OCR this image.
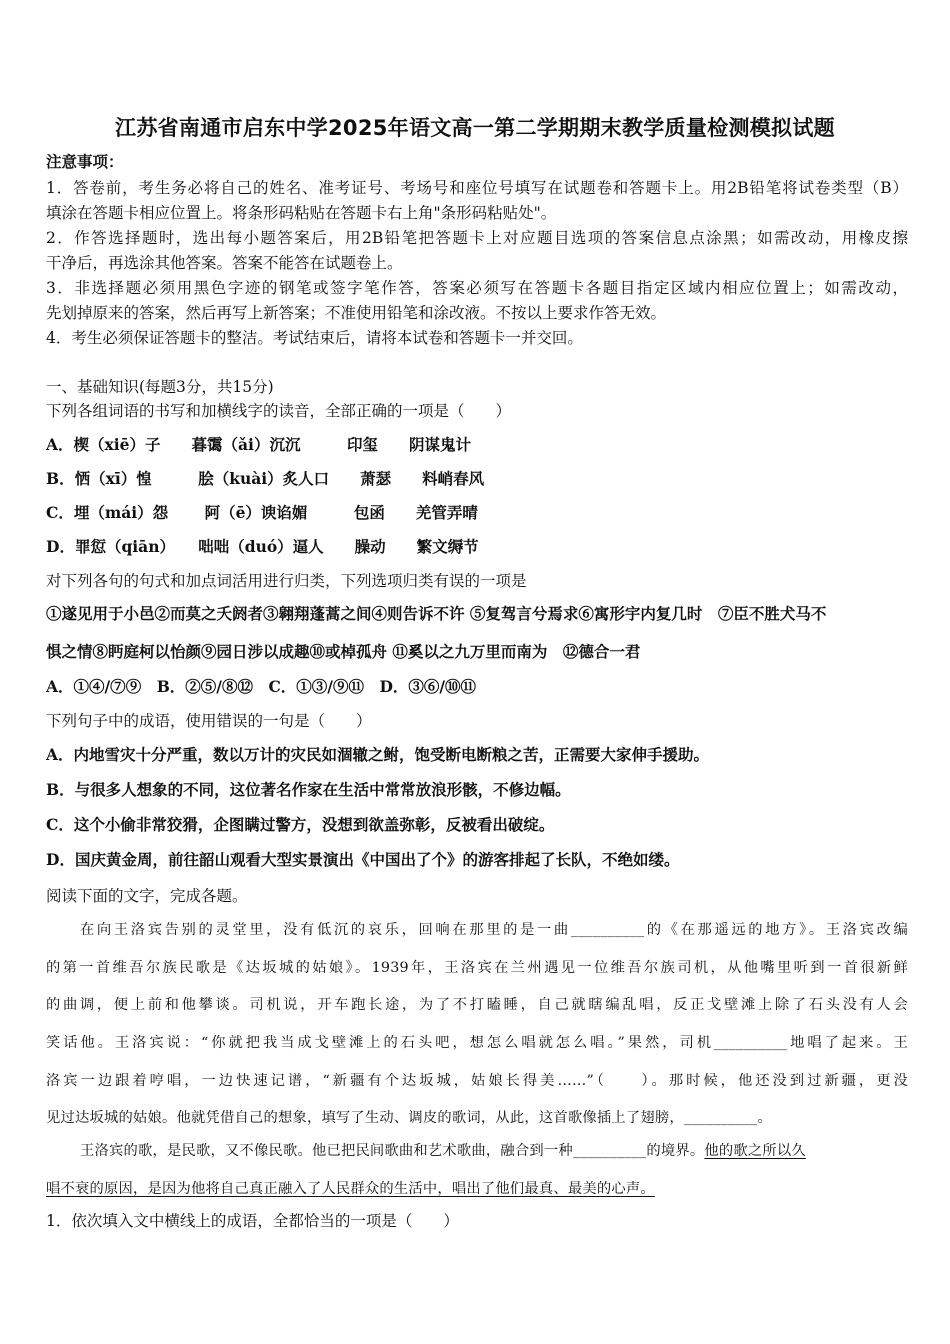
江苏省南通市启东中学2025年语文高一第二学期期末教学质量检测模拟试题
注意事项：
1．答卷前，考生务必将自己的姓名、准考证号、考场号和座位号填写在试题卷和答题卡上。用2B铅笔将试卷类型（B）
填涂在答题卡相应位置上。将条形码粘贴在答题卡右上角"条形码粘贴处"。
2．作答选择题时，选出每小题答案后，用2B铅笔把答题卡上对应题目选项的答案信息点涂黑；如需改动，用橡皮擦
干净后，再选涂其他答案。答案不能答在试题卷上。
3．非选择题必须用黑色字迹的钢笔或签字笔作答，答案必须写在答题卡各题目指定区域内相应位置上；如需改动，
先划掉原来的答案，然后再写上新答案；不准使用铅笔和涂改液。不按以上要求作答无效。
4．考生必须保证答题卡的整洁。考试结束后，请将本试卷和答题卡一并交回。
一、基础知识(每题3分，共15分)
下列各组词语的书写和加横线字的读音，全部正确的一项是（　　）
A．楔（xiē）子　　暮霭（ǎi）沉沉　　　印玺　　阴谋鬼计
B．恓（xī）惶　　　脍（kuài）炙人口　　萧瑟　　料峭春风
C．埋（mái）怨　　 阿（ē）谀谄媚　　　包函　　羌管弄晴
D．罪愆（qiān）　　咄咄（duó）逼人　　臊动　　繁文缛节
对下列各句的句式和加点词活用进行归类，下列选项归类有误的一项是
①遂见用于小邑②而莫之夭阏者③翱翔蓬蒿之间④则告诉不许 ⑤复驾言兮焉求⑥寓形宇内复几时　⑦臣不胜犬马不
惧之情⑧眄庭柯以怡颜⑨园日涉以成趣⑩或棹孤舟 ⑪奚以之九万里而南为　⑫德合一君
A．①④/⑦⑨　B．②⑤/⑧⑫　C．①③/⑨⑪　D．③⑥/⑩⑪
下列句子中的成语，使用错误的一句是（　　）
A．内地雪灾十分严重，数以万计的灾民如涸辙之鲋，饱受断电断粮之苦，正需要大家伸手援助。
B．与很多人想象的不同，这位著名作家在生活中常常放浪形骸，不修边幅。
C．这个小偷非常狡猾，企图瞒过警方，没想到欲盖弥彰，反被看出破绽。
D．国庆黄金周，前往韶山观看大型实景演出《中国出了个》的游客排起了长队，不绝如缕。
阅读下面的文字，完成各题。
在向王洛宾告别的灵堂里，没有低沉的哀乐，回响在那里的是一曲__________的《在那遥远的地方》。王洛宾改编
的第一首维吾尔族民歌是《达坂城的姑娘》。1939年，王洛宾在兰州遇见一位维吾尔族司机，从他嘴里听到一首很新鲜
的曲调，便上前和他攀谈。司机说，开车跑长途，为了不打瞌睡，自己就瞎编乱唱，反正戈壁滩上除了石头没有人会
笑话他。王洛宾说：“你就把我当成戈壁滩上的石头吧，想怎么唱就怎么唱。”果然，司机__________地唱了起来。王
洛宾一边跟着哼唱，一边快速记谱，“新疆有个达坂城，姑娘长得美……”（　　）。那时候，他还没到过新疆，更没
见过达坂城的姑娘。他就凭借自己的想象，填写了生动、调皮的歌词，从此，这首歌像插上了翅膀，__________。
王洛宾的歌，是民歌，又不像民歌。他已把民间歌曲和艺术歌曲，融合到一种__________的境界。他的歌之所以久
唱不衰的原因，是因为他将自己真正融入了人民群众的生活中，唱出了他们最真、最美的心声。
1．依次填入文中横线上的成语，全都恰当的一项是（　　）
